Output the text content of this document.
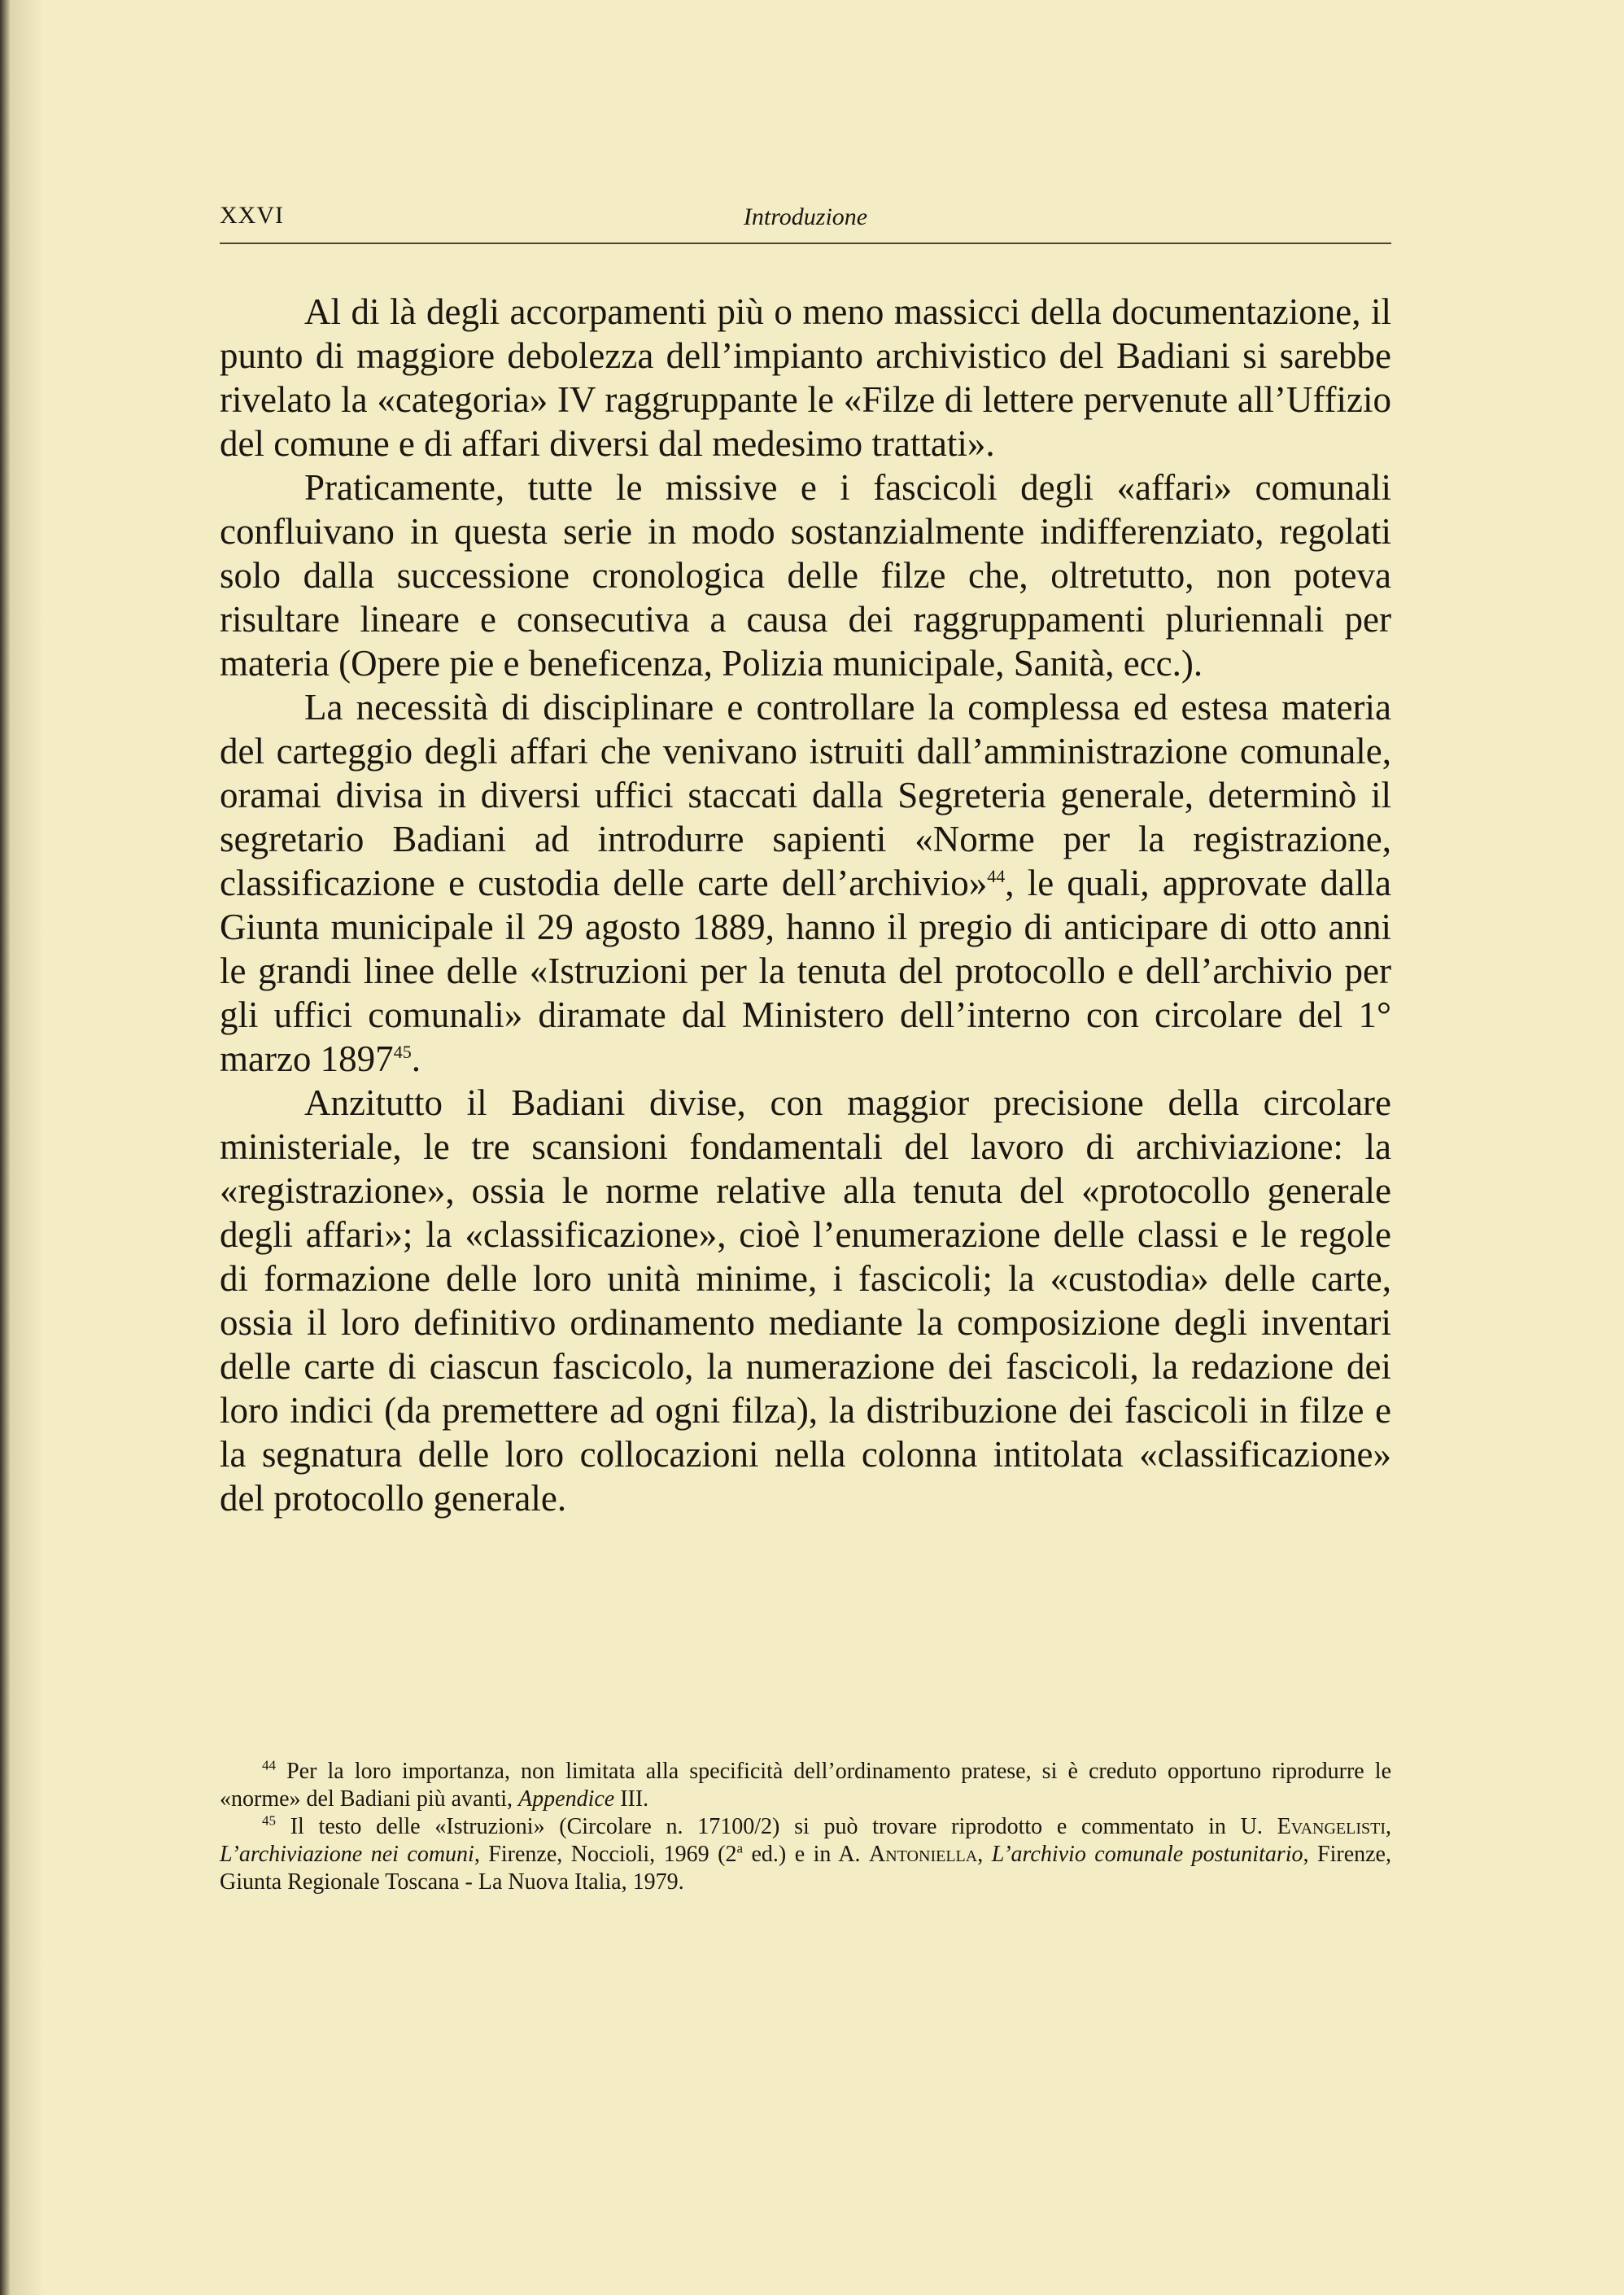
XXVI	Introduzione

Al di là degli accorpamenti più o meno massicci della documentazione, il punto di maggiore debolezza dell’impianto archivistico del Badiani si sarebbe rivelato la «categoria» IV raggruppante le «Filze di lettere pervenute all’Uffizio del comune e di affari diversi dal medesimo trattati».

Praticamente, tutte le missive e i fascicoli degli «affari» comunali confluivano in questa serie in modo sostanzialmente indifferenziato, regolati solo dalla successione cronologica delle filze che, oltretutto, non poteva risultare lineare e consecutiva a causa dei raggruppamenti pluriennali per materia (Opere pie e beneficenza, Polizia municipale, Sanità, ecc.).

La necessità di disciplinare e controllare la complessa ed estesa materia del carteggio degli affari che venivano istruiti dall’amministrazione comunale, oramai divisa in diversi uffici staccati dalla Segreteria generale, determinò il segretario Badiani ad introdurre sapienti «Norme per la registrazione, classificazione e custodia delle carte dell’archivio»$^{44}$, le quali, approvate dalla Giunta municipale il 29 agosto 1889, hanno il pregio di anticipare di otto anni le grandi linee delle «Istruzioni per la tenuta del protocollo e dell’archivio per gli uffici comunali» diramate dal Ministero dell’interno con circolare del 1° marzo 1897$^{45}$.

Anzitutto il Badiani divise, con maggior precisione della circolare ministeriale, le tre scansioni fondamentali del lavoro di archiviazione: la «registrazione», ossia le norme relative alla tenuta del «protocollo generale degli affari»; la «classificazione», cioè l’enumerazione delle classi e le regole di formazione delle loro unità minime, i fascicoli; la «custodia» delle carte, ossia il loro definitivo ordinamento mediante la composizione degli inventari delle carte di ciascun fascicolo, la numerazione dei fascicoli, la redazione dei loro indici (da premettere ad ogni filza), la distribuzione dei fascicoli in filze e la segnatura delle loro collocazioni nella colonna intitolata «classificazione» del protocollo generale.

$^{44}$ Per la loro importanza, non limitata alla specificità dell’ordinamento pratese, si è creduto opportuno riprodurre le «norme» del Badiani più avanti, Appendice III.

$^{45}$ Il testo delle «Istruzioni» (Circolare n. 17100/2) si può trovare riprodotto e commentato in U. Evangelisti, L’archiviazione nei comuni, Firenze, Noccioli, 1969 (2$^a$ ed.) e in A. Antoniella, L’archivio comunale postunitario, Firenze, Giunta Regionale Toscana - La Nuova Italia, 1979.
